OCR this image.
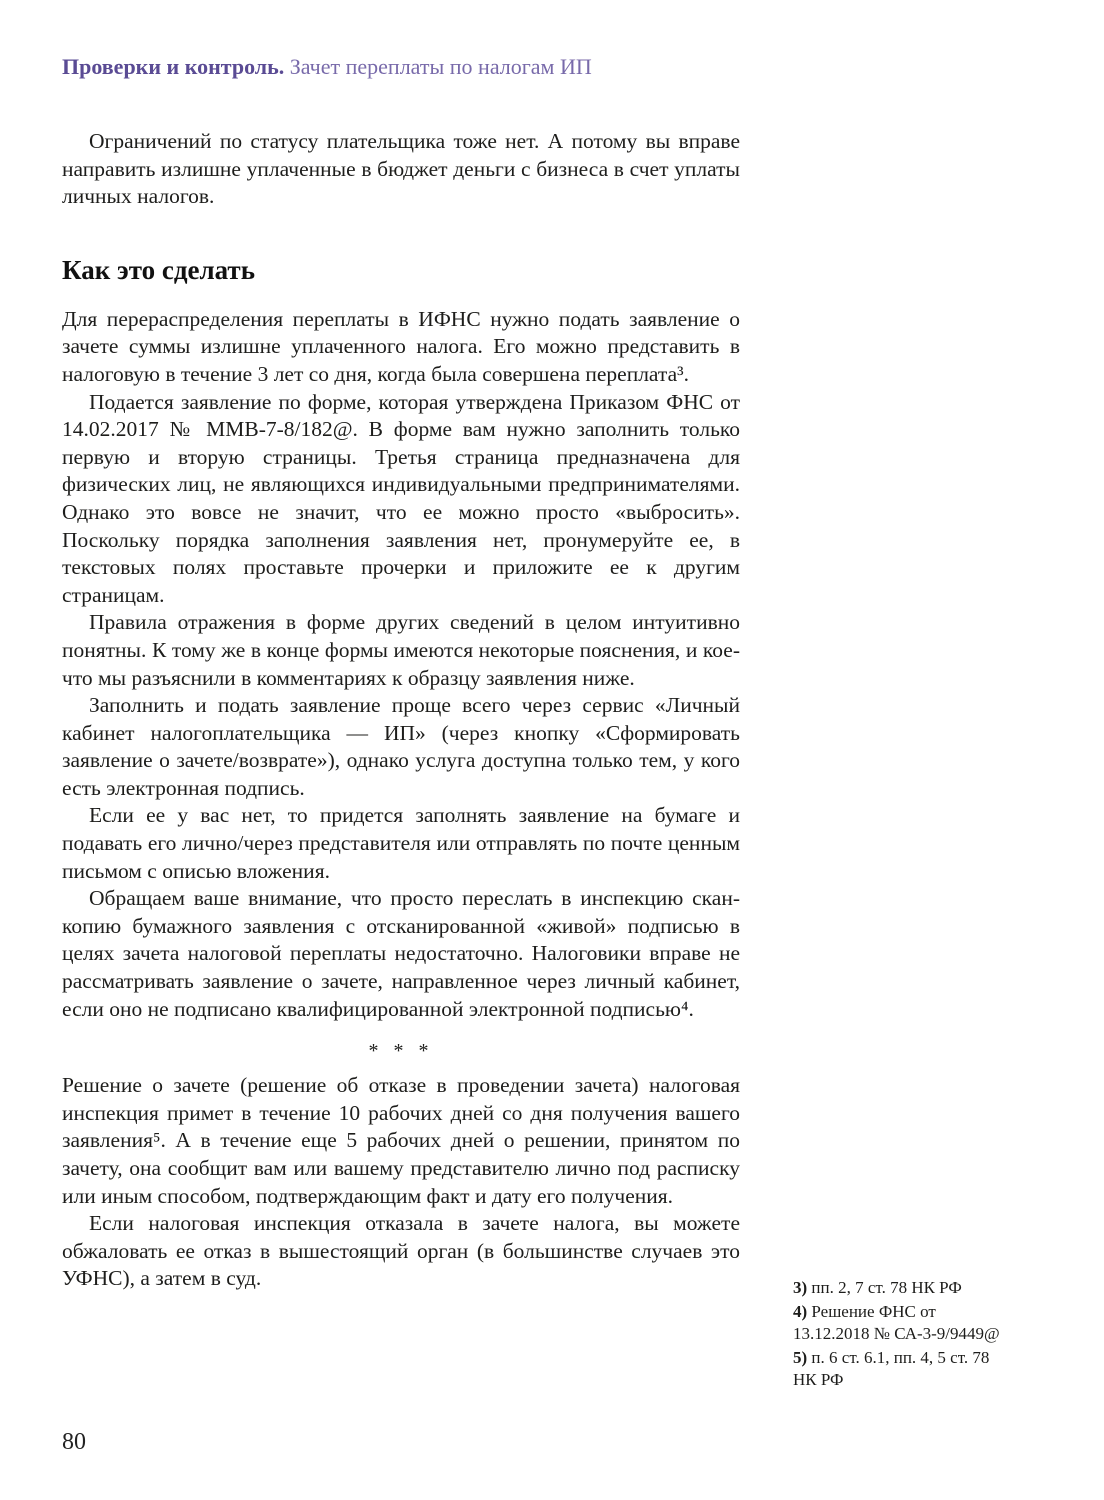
Проверки и контроль. Зачет переплаты по налогам ИП

Ограничений по статусу плательщика тоже нет. А потому вы вправе направить излишне уплаченные в бюджет деньги с бизнеса в счет уплаты личных налогов.

Как это сделать

Для перераспределения переплаты в ИФНС нужно подать заявление о зачете суммы излишне уплаченного налога. Его можно представить в налоговую в течение 3 лет со дня, когда была совершена переплата³.

Подается заявление по форме, которая утверждена Приказом ФНС от 14.02.2017 № ММВ-7-8/182@. В форме вам нужно заполнить только первую и вторую страницы. Третья страница предназначена для физических лиц, не являющихся индивидуальными предпринимателями. Однако это вовсе не значит, что ее можно просто «выбросить». Поскольку порядка заполнения заявления нет, пронумеруйте ее, в текстовых полях проставьте прочерки и приложите ее к другим страницам.

Правила отражения в форме других сведений в целом интуитивно понятны. К тому же в конце формы имеются некоторые пояснения, и кое-что мы разъяснили в комментариях к образцу заявления ниже.

Заполнить и подать заявление проще всего через сервис «Личный кабинет налогоплательщика — ИП» (через кнопку «Сформировать заявление о зачете/возврате»), однако услуга доступна только тем, у кого есть электронная подпись.

Если ее у вас нет, то придется заполнять заявление на бумаге и подавать его лично/через представителя или отправлять по почте ценным письмом с описью вложения.

Обращаем ваше внимание, что просто переслать в инспекцию скан-копию бумажного заявления с отсканированной «живой» подписью в целях зачета налоговой переплаты недостаточно. Налоговики вправе не рассматривать заявление о зачете, направленное через личный кабинет, если оно не подписано квалифицированной электронной подписью⁴.

* * *

Решение о зачете (решение об отказе в проведении зачета) налоговая инспекция примет в течение 10 рабочих дней со дня получения вашего заявления⁵. А в течение еще 5 рабочих дней о решении, принятом по зачету, она сообщит вам или вашему представителю лично под расписку или иным способом, подтверждающим факт и дату его получения.

Если налоговая инспекция отказала в зачете налога, вы можете обжаловать ее отказ в вышестоящий орган (в большинстве случаев это УФНС), а затем в суд.	3) пп. 2, 7 ст. 78 НК РФ
4) Решение ФНС от 13.12.2018 № СА-3-9/9449@
5) п. 6 ст. 6.1, пп. 4, 5 ст. 78 НК РФ
80
